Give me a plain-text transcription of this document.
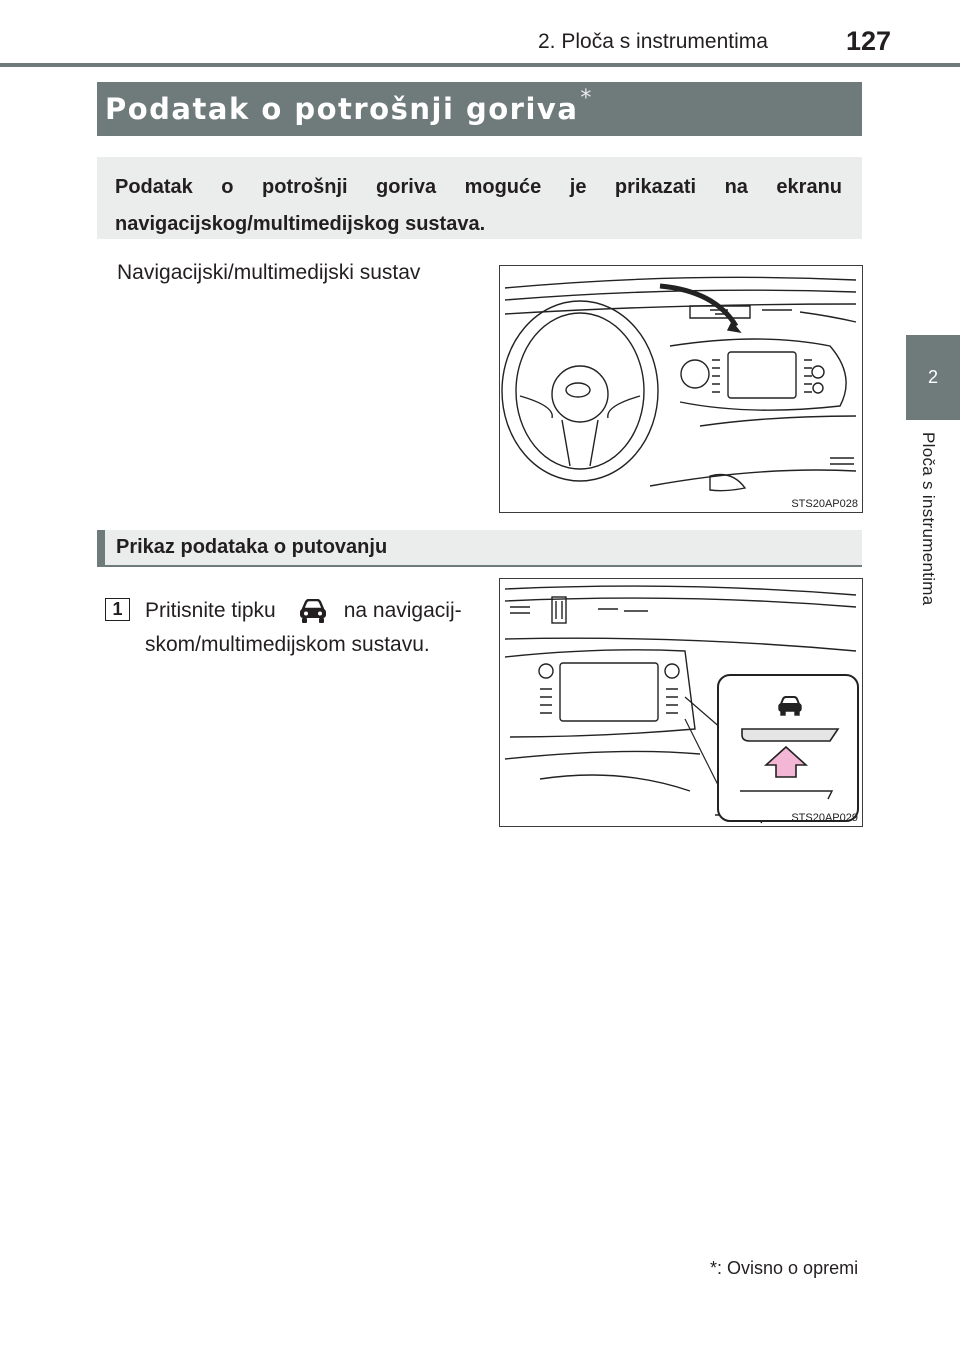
2. Ploča s instrumentima	127
2
Ploča s instrumentima
Podatak o potrošnji goriva *
Podatak o potrošnji goriva moguće je prikazati na ekranu navigacijskog/multimedijskog sustava.
Navigacijski/multimedijski sustav
STS20AP028
Prikaz podataka o putovanju
1	Pritisnite tipku	na navigacij-
skom/multimedijskom sustavu.
STS20AP029
*: Ovisno o opremi
